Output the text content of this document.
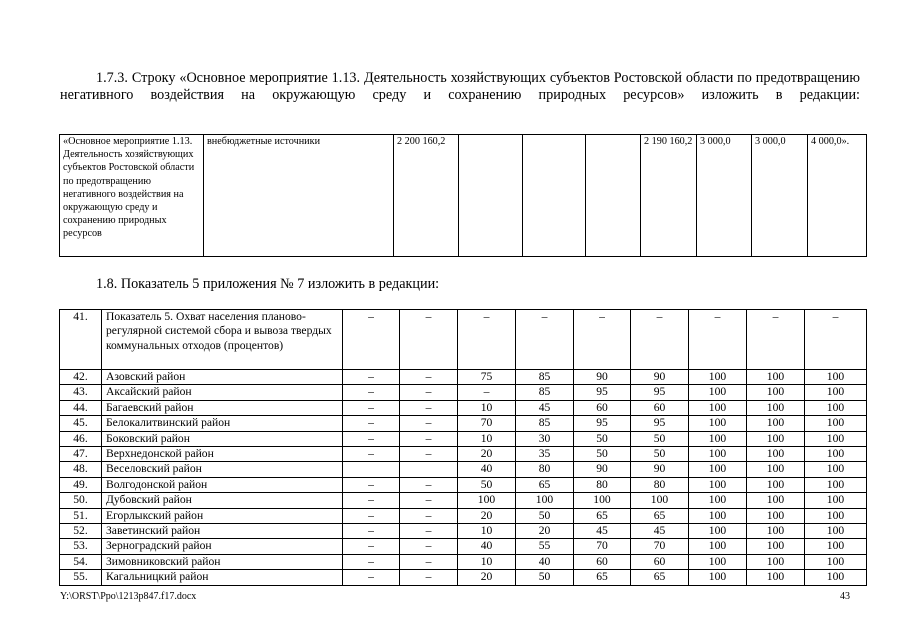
1.7.3. Строку «Основное мероприятие 1.13. Деятельность хозяйствующих субъектов Ростовской области по предотвращению негативного воздействия на окружающую среду и сохранению природных ресурсов» изложить в редакции:

«Основное мероприятие 1.13. Деятельность хозяйствующих субъектов Ростовской области по предотвращению негативного воздействия на окружающую среду и сохранению природных ресурсов	внебюджетные источники	2 200 160,2				2 190 160,2	3 000,0	3 000,0	4 000,0».

1.8. Показатель 5 приложения № 7 изложить в редакции:

41.	Показатель 5. Охват населения планово-регулярной системой сбора и вывоза твердых коммунальных отходов (процентов)	–	–	–	–	–	–	–	–	–
42.	Азовский район	–	–	75	85	90	90	100	100	100
43.	Аксайский район	–	–	–	85	95	95	100	100	100
44.	Багаевский район	–	–	10	45	60	60	100	100	100
45.	Белокалитвинский район	–	–	70	85	95	95	100	100	100
46.	Боковский район	–	–	10	30	50	50	100	100	100
47.	Верхнедонской район	–	–	20	35	50	50	100	100	100
48.	Веселовский район			40	80	90	90	100	100	100
49.	Волгодонской район	–	–	50	65	80	80	100	100	100
50.	Дубовский район	–	–	100	100	100	100	100	100	100
51.	Егорлыкский район	–	–	20	50	65	65	100	100	100
52.	Заветинский район	–	–	10	20	45	45	100	100	100
53.	Зерноградский район	–	–	40	55	70	70	100	100	100
54.	Зимовниковский район	–	–	10	40	60	60	100	100	100
55.	Кагальницкий район	–	–	20	50	65	65	100	100	100
Y:\ORST\Ppo\1213p847.f17.docx	43
